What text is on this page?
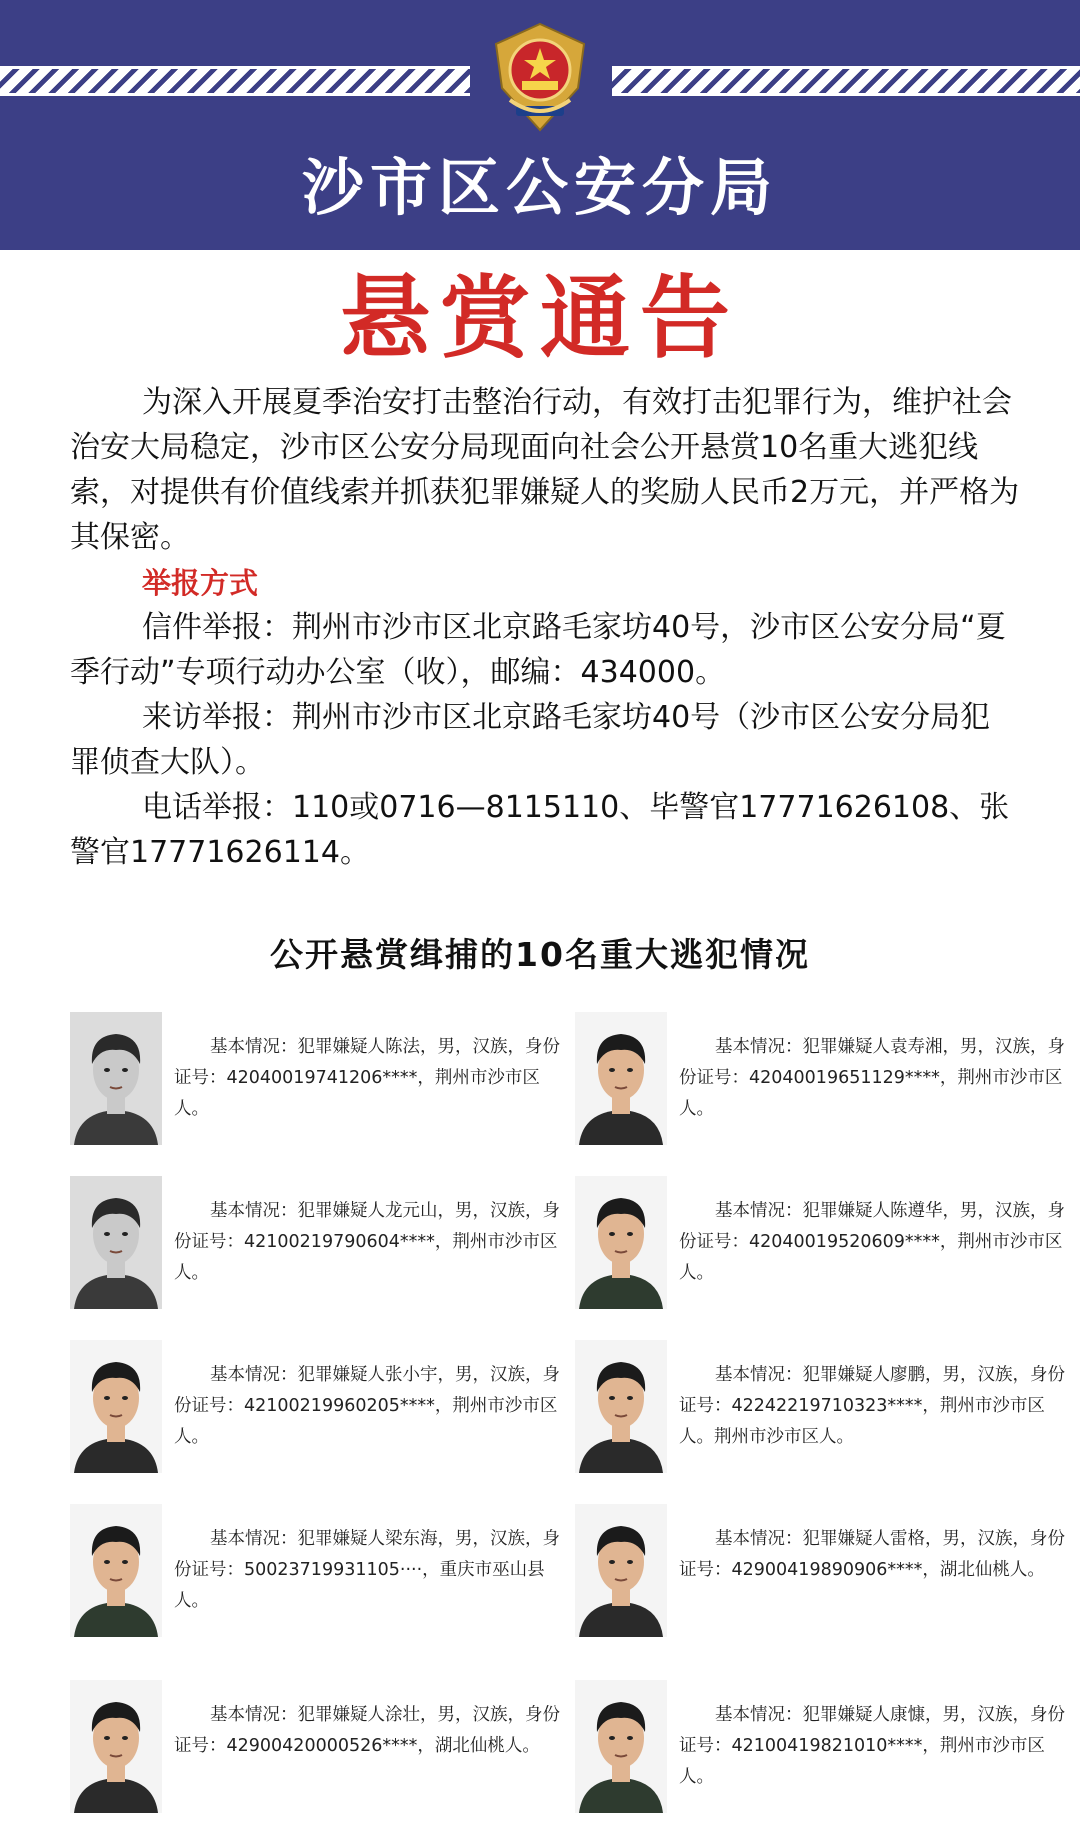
沙市区公安分局
悬赏通告

为深入开展夏季治安打击整治行动，有效打击犯罪行为，维护社会治安大局稳定，沙市区公安分局现面向社会公开悬赏10名重大逃犯线索，对提供有价值线索并抓获犯罪嫌疑人的奖励人民币2万元，并严格为其保密。

举报方式

信件举报：荆州市沙市区北京路毛家坊40号，沙市区公安分局“夏季行动”专项行动办公室（收），邮编：434000。

来访举报：荆州市沙市区北京路毛家坊40号（沙市区公安分局犯罪侦查大队）。

电话举报：110或0716—8115110、毕警官17771626108、张警官17771626114。

公开悬赏缉捕的10名重大逃犯情况

基本情况：犯罪嫌疑人陈法，男，汉族，身份证号：42040019741206****，荆州市沙市区人。

基本情况：犯罪嫌疑人袁寿湘，男，汉族，身份证号：42040019651129****，荆州市沙市区人。

基本情况：犯罪嫌疑人龙元山，男，汉族，身份证号：42100219790604****，荆州市沙市区人。

基本情况：犯罪嫌疑人陈遵华，男，汉族，身份证号：42040019520609****，荆州市沙市区人。

基本情况：犯罪嫌疑人张小宇，男，汉族，身份证号：42100219960205****，荆州市沙市区人。

基本情况：犯罪嫌疑人廖鹏，男，汉族，身份证号：42242219710323****，荆州市沙市区人。荆州市沙市区人。

基本情况：犯罪嫌疑人梁东海，男，汉族，身份证号：50023719931105····，重庆市巫山县人。

基本情况：犯罪嫌疑人雷格，男，汉族，身份证号：42900419890906****，湖北仙桃人。

基本情况：犯罪嫌疑人涂壮，男，汉族，身份证号：42900420000526****，湖北仙桃人。

基本情况：犯罪嫌疑人康慷，男，汉族，身份证号：42100419821010****，荆州市沙市区人。
